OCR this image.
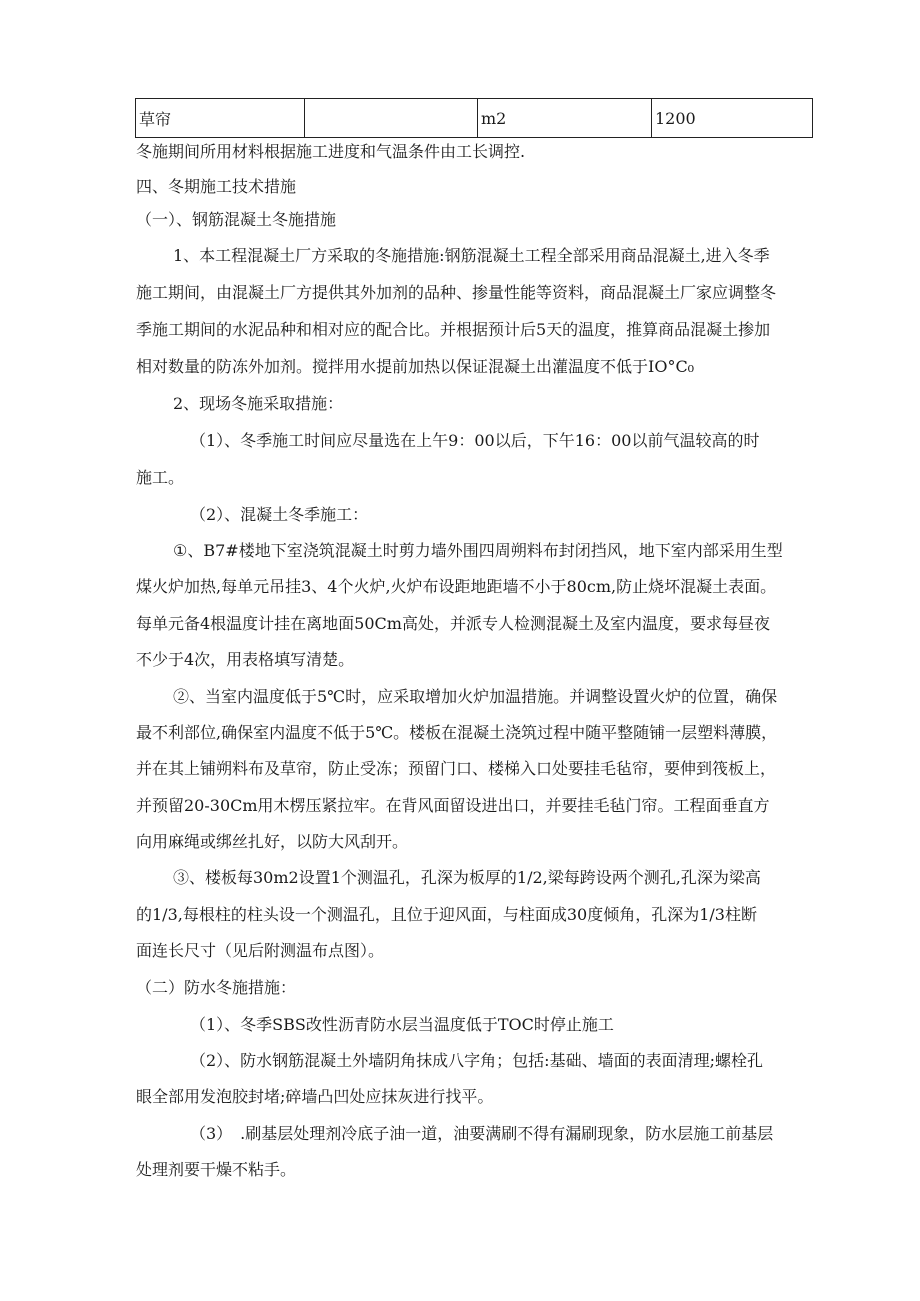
草帘		m2	1200
冬施期间所用材料根据施工进度和气温条件由工长调控.
四、冬期施工技术措施
（一）、钢筋混凝土冬施措施
1、本工程混凝土厂方采取的冬施措施:钢筋混凝土工程全部采用商品混凝土,进入冬季
施工期间，由混凝土厂方提供其外加剂的品种、掺量性能等资料，商品混凝土厂家应调整冬
季施工期间的水泥品种和相对应的配合比。并根据预计后5天的温度，推算商品混凝土掺加
相对数量的防冻外加剂。搅拌用水提前加热以保证混凝土出灌温度不低于IO°C₀
2、现场冬施采取措施：
（1）、冬季施工时间应尽量选在上午9：00以后，下午16：00以前气温较高的时
施工。
（2）、混凝土冬季施工：
①、B7#楼地下室浇筑混凝土时剪力墙外围四周朔料布封闭挡风，地下室内部采用生型
煤火炉加热,每单元吊挂3、4个火炉,火炉布设距地距墙不小于80cm,防止烧坏混凝土表面。
每单元备4根温度计挂在离地面50Cm高处，并派专人检测混凝土及室内温度，要求每昼夜
不少于4次，用表格填写清楚。
②、当室内温度低于5℃时，应采取增加火炉加温措施。并调整设置火炉的位置，确保
最不利部位,确保室内温度不低于5℃。楼板在混凝土浇筑过程中随平整随铺一层塑料薄膜，
并在其上铺朔料布及草帘，防止受冻；预留门口、楼梯入口处要挂毛毡帘，要伸到筏板上，
并预留20-30Cm用木楞压紧拉牢。在背风面留设进出口，并要挂毛毡门帘。工程面垂直方
向用麻绳或绑丝扎好，以防大风刮开。
③、楼板每30m2设置1个测温孔，孔深为板厚的1/2,梁每跨设两个测孔,孔深为梁高
的1/3,每根柱的柱头设一个测温孔，且位于迎风面，与柱面成30度倾角，孔深为1/3柱断
面连长尺寸（见后附测温布点图）。
（二）防水冬施措施：
（1）、冬季SBS改性沥青防水层当温度低于TOC时停止施工
（2）、防水钢筋混凝土外墙阴角抹成八字角；包括:基础、墙面的表面清理;螺栓孔
眼全部用发泡胶封堵;碎墙凸凹处应抹灰进行找平。
（3）　.刷基层处理剂冷底子油一道，油要满刷不得有漏刷现象，防水层施工前基层
处理剂要干燥不粘手。
